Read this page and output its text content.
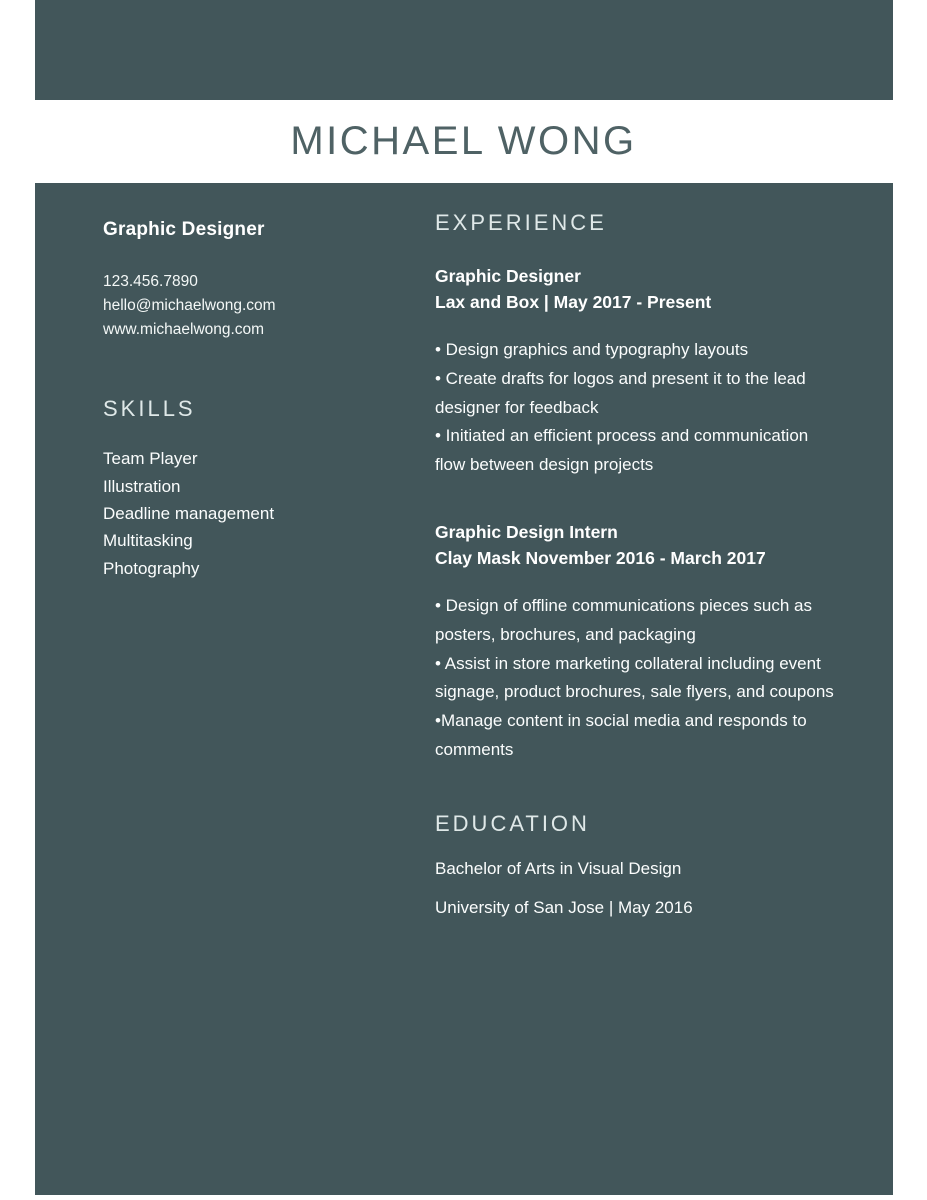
MICHAEL WONG
Graphic Designer
123.456.7890
hello@michaelwong.com
www.michaelwong.com
SKILLS
Team Player
Illustration
Deadline management
Multitasking
Photography
EXPERIENCE
Graphic Designer
Lax and Box | May 2017 - Present
• Design graphics and typography layouts
• Create drafts for logos and present it to the lead designer for feedback
• Initiated an efficient process and communication flow between design projects
Graphic Design Intern
Clay Mask November 2016 - March 2017
• Design of offline communications pieces such as posters, brochures, and packaging
• Assist in store marketing collateral including event signage, product brochures, sale flyers, and coupons
•Manage content in social media and responds to comments
EDUCATION
Bachelor of Arts in Visual Design
University of San Jose | May 2016
